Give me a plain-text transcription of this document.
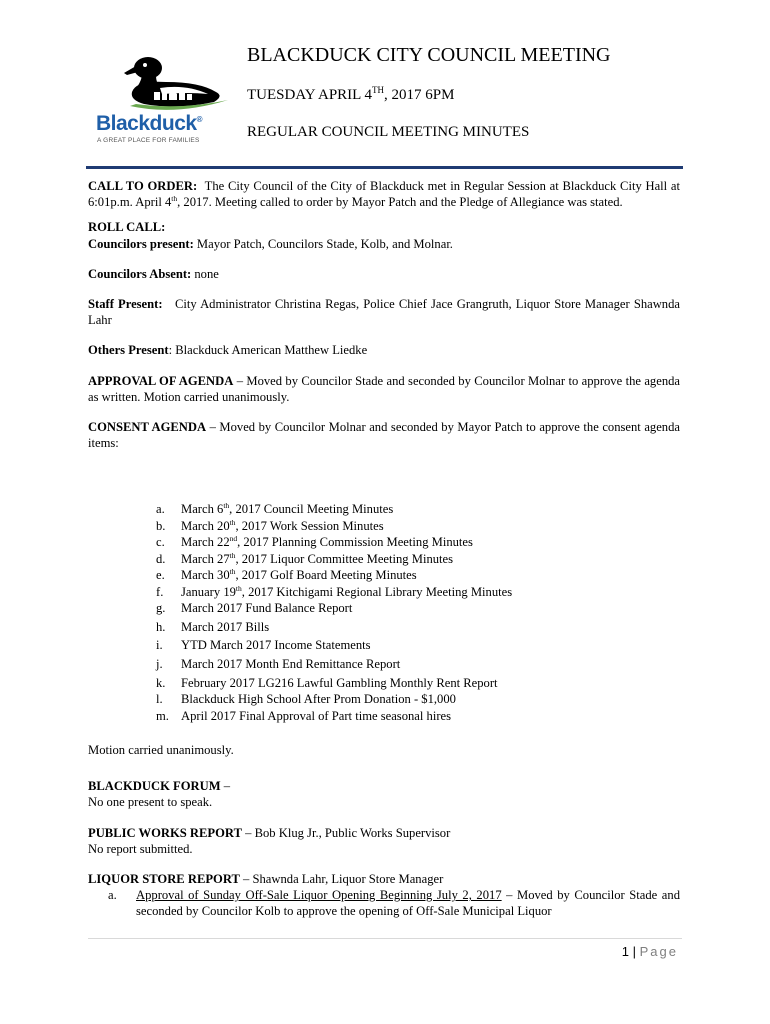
Blackduck®
A GREAT PLACE FOR FAMILIES
BLACKDUCK CITY COUNCIL MEETING
TUESDAY APRIL 4TH, 2017 6PM
REGULAR COUNCIL MEETING MINUTES

CALL TO ORDER: The City Council of the City of Blackduck met in Regular Session at Blackduck City Hall at 6:01p.m. April 4th, 2017. Meeting called to order by Mayor Patch and the Pledge of Allegiance was stated.

ROLL CALL:

Councilors present: Mayor Patch, Councilors Stade, Kolb, and Molnar.

Councilors Absent: none

Staff Present: City Administrator Christina Regas, Police Chief Jace Grangruth, Liquor Store Manager Shawnda Lahr

Others Present: Blackduck American Matthew Liedke

APPROVAL OF AGENDA – Moved by Councilor Stade and seconded by Councilor Molnar to approve the agenda as written. Motion carried unanimously.

CONSENT AGENDA – Moved by Councilor Molnar and seconded by Mayor Patch to approve the consent agenda items:

a. March 6th, 2017 Council Meeting Minutes
b. March 20th, 2017 Work Session Minutes
c. March 22nd, 2017 Planning Commission Meeting Minutes
d. March 27th, 2017 Liquor Committee Meeting Minutes
e. March 30th, 2017 Golf Board Meeting Minutes
f. January 19th, 2017 Kitchigami Regional Library Meeting Minutes
g. March 2017 Fund Balance Report
h. March 2017 Bills
i. YTD March 2017 Income Statements
j. March 2017 Month End Remittance Report
k. February 2017 LG216 Lawful Gambling Monthly Rent Report
l. Blackduck High School After Prom Donation - $1,000
m. April 2017 Final Approval of Part time seasonal hires

Motion carried unanimously.

BLACKDUCK FORUM –

No one present to speak.

PUBLIC WORKS REPORT – Bob Klug Jr., Public Works Supervisor

No report submitted.

LIQUOR STORE REPORT – Shawnda Lahr, Liquor Store Manager

a. Approval of Sunday Off-Sale Liquor Opening Beginning July 2, 2017 – Moved by Councilor Stade and seconded by Councilor Kolb to approve the opening of Off-Sale Municipal Liquor

1 | Page
